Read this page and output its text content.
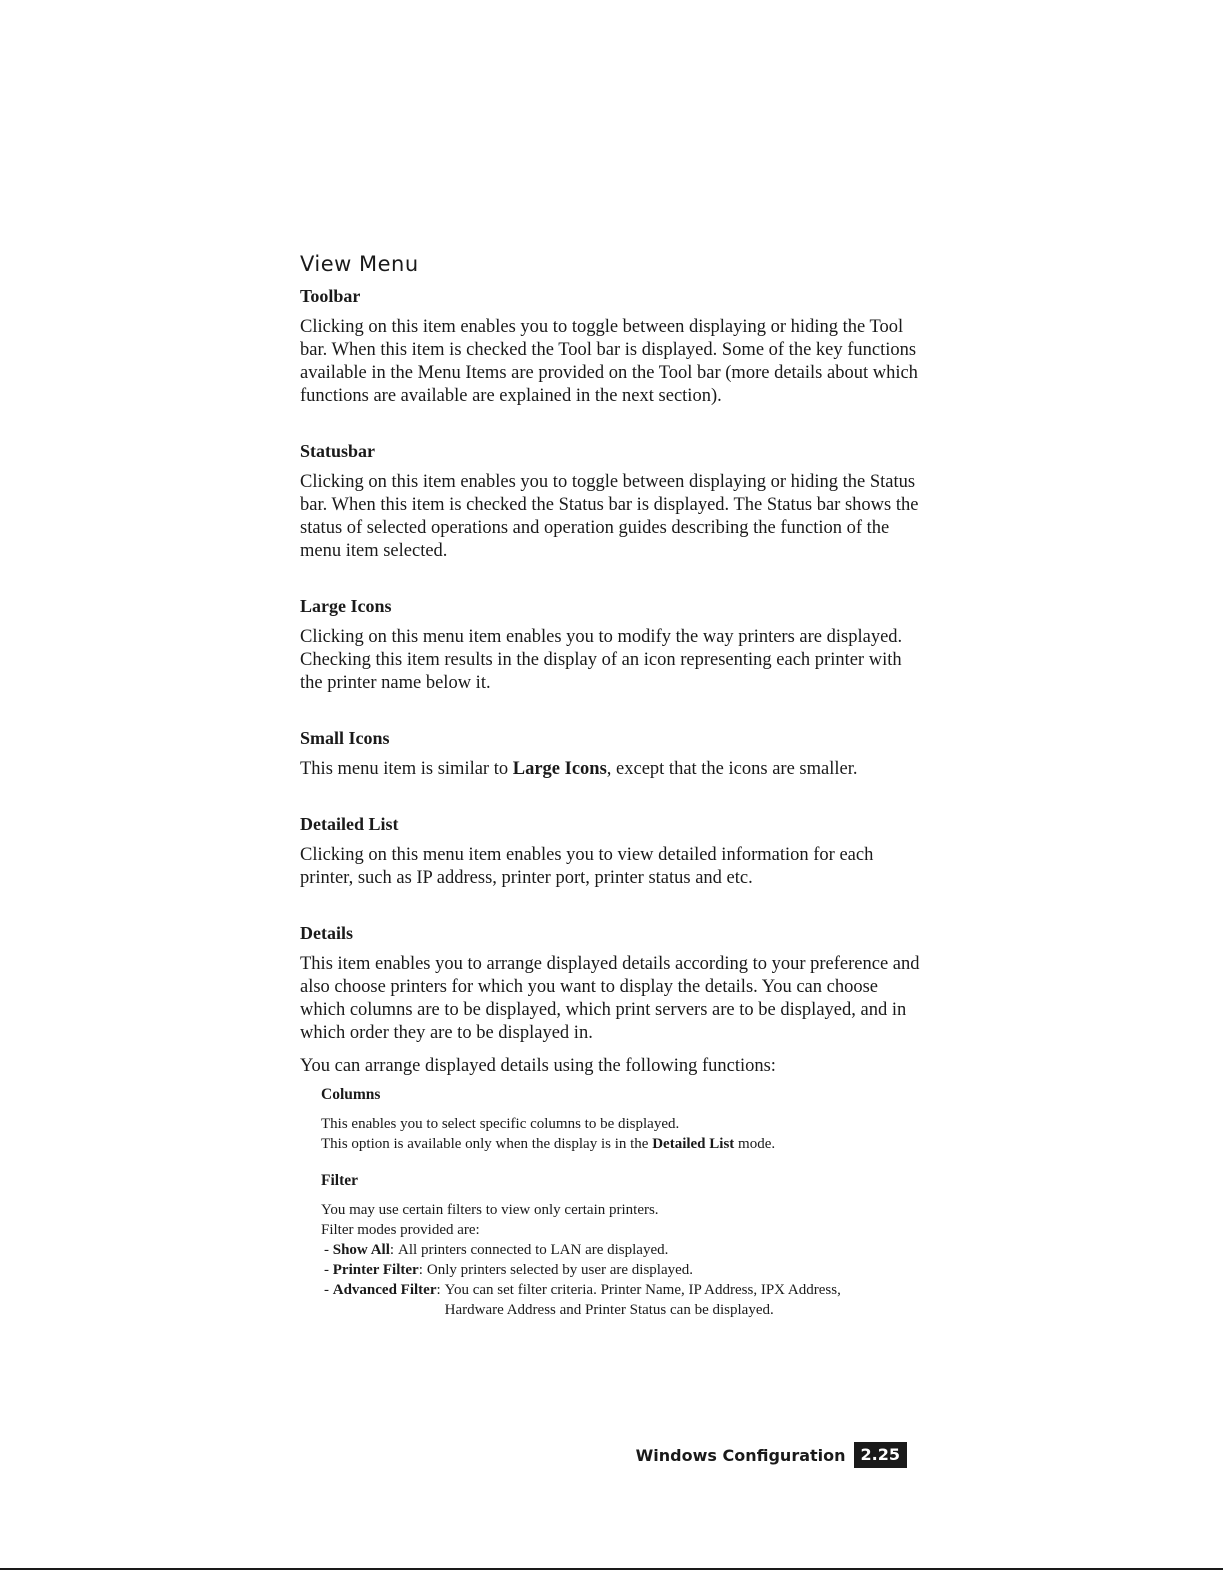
View Menu

Toolbar

Clicking on this item enables you to toggle between displaying or hiding the Tool bar. When this item is checked the Tool bar is displayed. Some of the key functions available in the Menu Items are provided on the Tool bar (more details about which functions are available are explained in the next section).

Statusbar

Clicking on this item enables you to toggle between displaying or hiding the Status bar. When this item is checked the Status bar is displayed. The Status bar shows the status of selected operations and operation guides describing the function of the menu item selected.

Large Icons

Clicking on this menu item enables you to modify the way printers are displayed. Checking this item results in the display of an icon representing each printer with the printer name below it.

Small Icons

This menu item is similar to Large Icons, except that the icons are smaller.

Detailed List

Clicking on this menu item enables you to view detailed information for each printer, such as IP address, printer port, printer status and etc.

Details

This item enables you to arrange displayed details according to your preference and also choose printers for which you want to display the details. You can choose which columns are to be displayed, which print servers are to be displayed, and in which order they are to be displayed in.

You can arrange displayed details using the following functions:

Columns

This enables you to select specific columns to be displayed.

This option is available only when the display is in the Detailed List mode.

Filter

You may use certain filters to view only certain printers.

Filter modes provided are:

- Show All: All printers connected to LAN are displayed.
- Printer Filter: Only printers selected by user are displayed.
- Advanced Filter: You can set filter criteria. Printer Name, IP Address, IPX Address, Hardware Address and Printer Status can be displayed.
Windows Configuration 2.25
